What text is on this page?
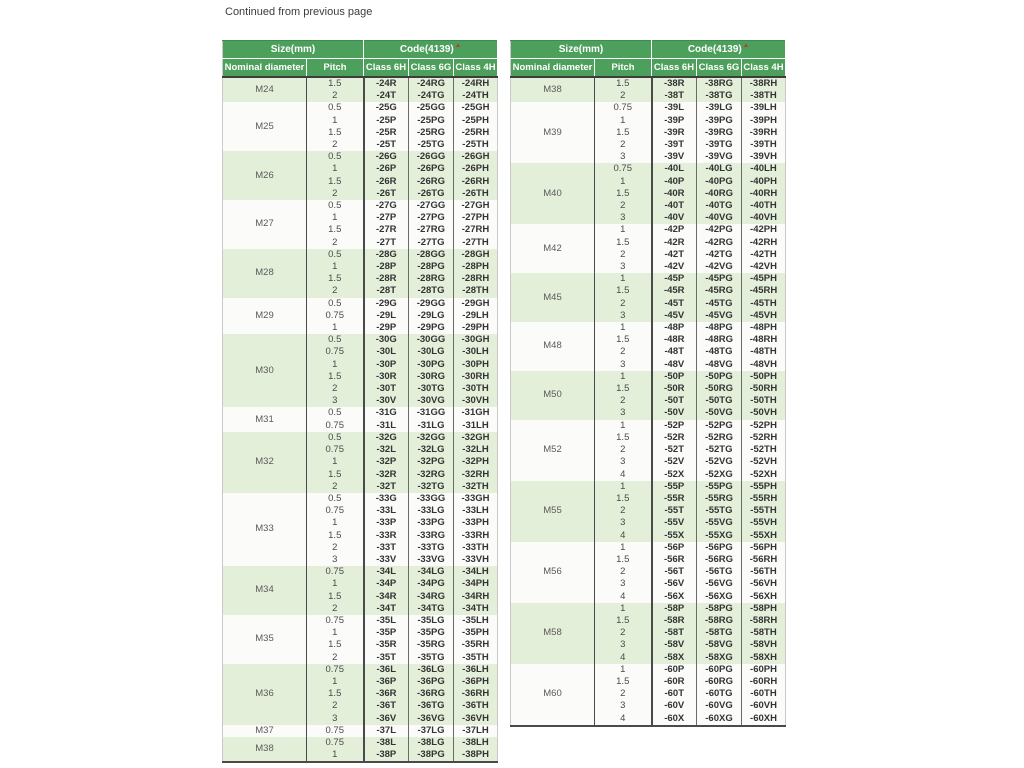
Continued from previous page
Size(mm)		Code(4139)▲
Nominal diameter	Pitch	Class 6H	Class 6G	Class 4H
M24	1.5	-24R	-24RG	-24RH
	2	-24T	-24TG	-24TH
M25	0.5	-25G	-25GG	-25GH
	1	-25P	-25PG	-25PH
	1.5	-25R	-25RG	-25RH
	2	-25T	-25TG	-25TH
M26	0.5	-26G	-26GG	-26GH
	1	-26P	-26PG	-26PH
	1.5	-26R	-26RG	-26RH
	2	-26T	-26TG	-26TH
M27	0.5	-27G	-27GG	-27GH
	1	-27P	-27PG	-27PH
	1.5	-27R	-27RG	-27RH
	2	-27T	-27TG	-27TH
M28	0.5	-28G	-28GG	-28GH
	1	-28P	-28PG	-28PH
	1.5	-28R	-28RG	-28RH
	2	-28T	-28TG	-28TH
M29	0.5	-29G	-29GG	-29GH
	0.75	-29L	-29LG	-29LH
	1	-29P	-29PG	-29PH
M30	0.5	-30G	-30GG	-30GH
	0.75	-30L	-30LG	-30LH
	1	-30P	-30PG	-30PH
	1.5	-30R	-30RG	-30RH
	2	-30T	-30TG	-30TH
	3	-30V	-30VG	-30VH
M31	0.5	-31G	-31GG	-31GH
	0.75	-31L	-31LG	-31LH
M32	0.5	-32G	-32GG	-32GH
	0.75	-32L	-32LG	-32LH
	1	-32P	-32PG	-32PH
	1.5	-32R	-32RG	-32RH
	2	-32T	-32TG	-32TH
M33	0.5	-33G	-33GG	-33GH
	0.75	-33L	-33LG	-33LH
	1	-33P	-33PG	-33PH
	1.5	-33R	-33RG	-33RH
	2	-33T	-33TG	-33TH
	3	-33V	-33VG	-33VH
M34	0.75	-34L	-34LG	-34LH
	1	-34P	-34PG	-34PH
	1.5	-34R	-34RG	-34RH
	2	-34T	-34TG	-34TH
M35	0.75	-35L	-35LG	-35LH
	1	-35P	-35PG	-35PH
	1.5	-35R	-35RG	-35RH
	2	-35T	-35TG	-35TH
M36	0.75	-36L	-36LG	-36LH
	1	-36P	-36PG	-36PH
	1.5	-36R	-36RG	-36RH
	2	-36T	-36TG	-36TH
	3	-36V	-36VG	-36VH
M37	0.75	-37L	-37LG	-37LH
M38	0.75	-38L	-38LG	-38LH
	1	-38P	-38PG	-38PH
Size(mm)		Code(4139)▲
Nominal diameter	Pitch	Class 6H	Class 6G	Class 4H
M38	1.5	-38R	-38RG	-38RH
	2	-38T	-38TG	-38TH
M39	0.75	-39L	-39LG	-39LH
	1	-39P	-39PG	-39PH
	1.5	-39R	-39RG	-39RH
	2	-39T	-39TG	-39TH
	3	-39V	-39VG	-39VH
M40	0.75	-40L	-40LG	-40LH
	1	-40P	-40PG	-40PH
	1.5	-40R	-40RG	-40RH
	2	-40T	-40TG	-40TH
	3	-40V	-40VG	-40VH
M42	1	-42P	-42PG	-42PH
	1.5	-42R	-42RG	-42RH
	2	-42T	-42TG	-42TH
	3	-42V	-42VG	-42VH
M45	1	-45P	-45PG	-45PH
	1.5	-45R	-45RG	-45RH
	2	-45T	-45TG	-45TH
	3	-45V	-45VG	-45VH
M48	1	-48P	-48PG	-48PH
	1.5	-48R	-48RG	-48RH
	2	-48T	-48TG	-48TH
	3	-48V	-48VG	-48VH
M50	1	-50P	-50PG	-50PH
	1.5	-50R	-50RG	-50RH
	2	-50T	-50TG	-50TH
	3	-50V	-50VG	-50VH
M52	1	-52P	-52PG	-52PH
	1.5	-52R	-52RG	-52RH
	2	-52T	-52TG	-52TH
	3	-52V	-52VG	-52VH
	4	-52X	-52XG	-52XH
M55	1	-55P	-55PG	-55PH
	1.5	-55R	-55RG	-55RH
	2	-55T	-55TG	-55TH
	3	-55V	-55VG	-55VH
	4	-55X	-55XG	-55XH
M56	1	-56P	-56PG	-56PH
	1.5	-56R	-56RG	-56RH
	2	-56T	-56TG	-56TH
	3	-56V	-56VG	-56VH
	4	-56X	-56XG	-56XH
M58	1	-58P	-58PG	-58PH
	1.5	-58R	-58RG	-58RH
	2	-58T	-58TG	-58TH
	3	-58V	-58VG	-58VH
	4	-58X	-58XG	-58XH
M60	1	-60P	-60PG	-60PH
	1.5	-60R	-60RG	-60RH
	2	-60T	-60TG	-60TH
	3	-60V	-60VG	-60VH
	4	-60X	-60XG	-60XH
